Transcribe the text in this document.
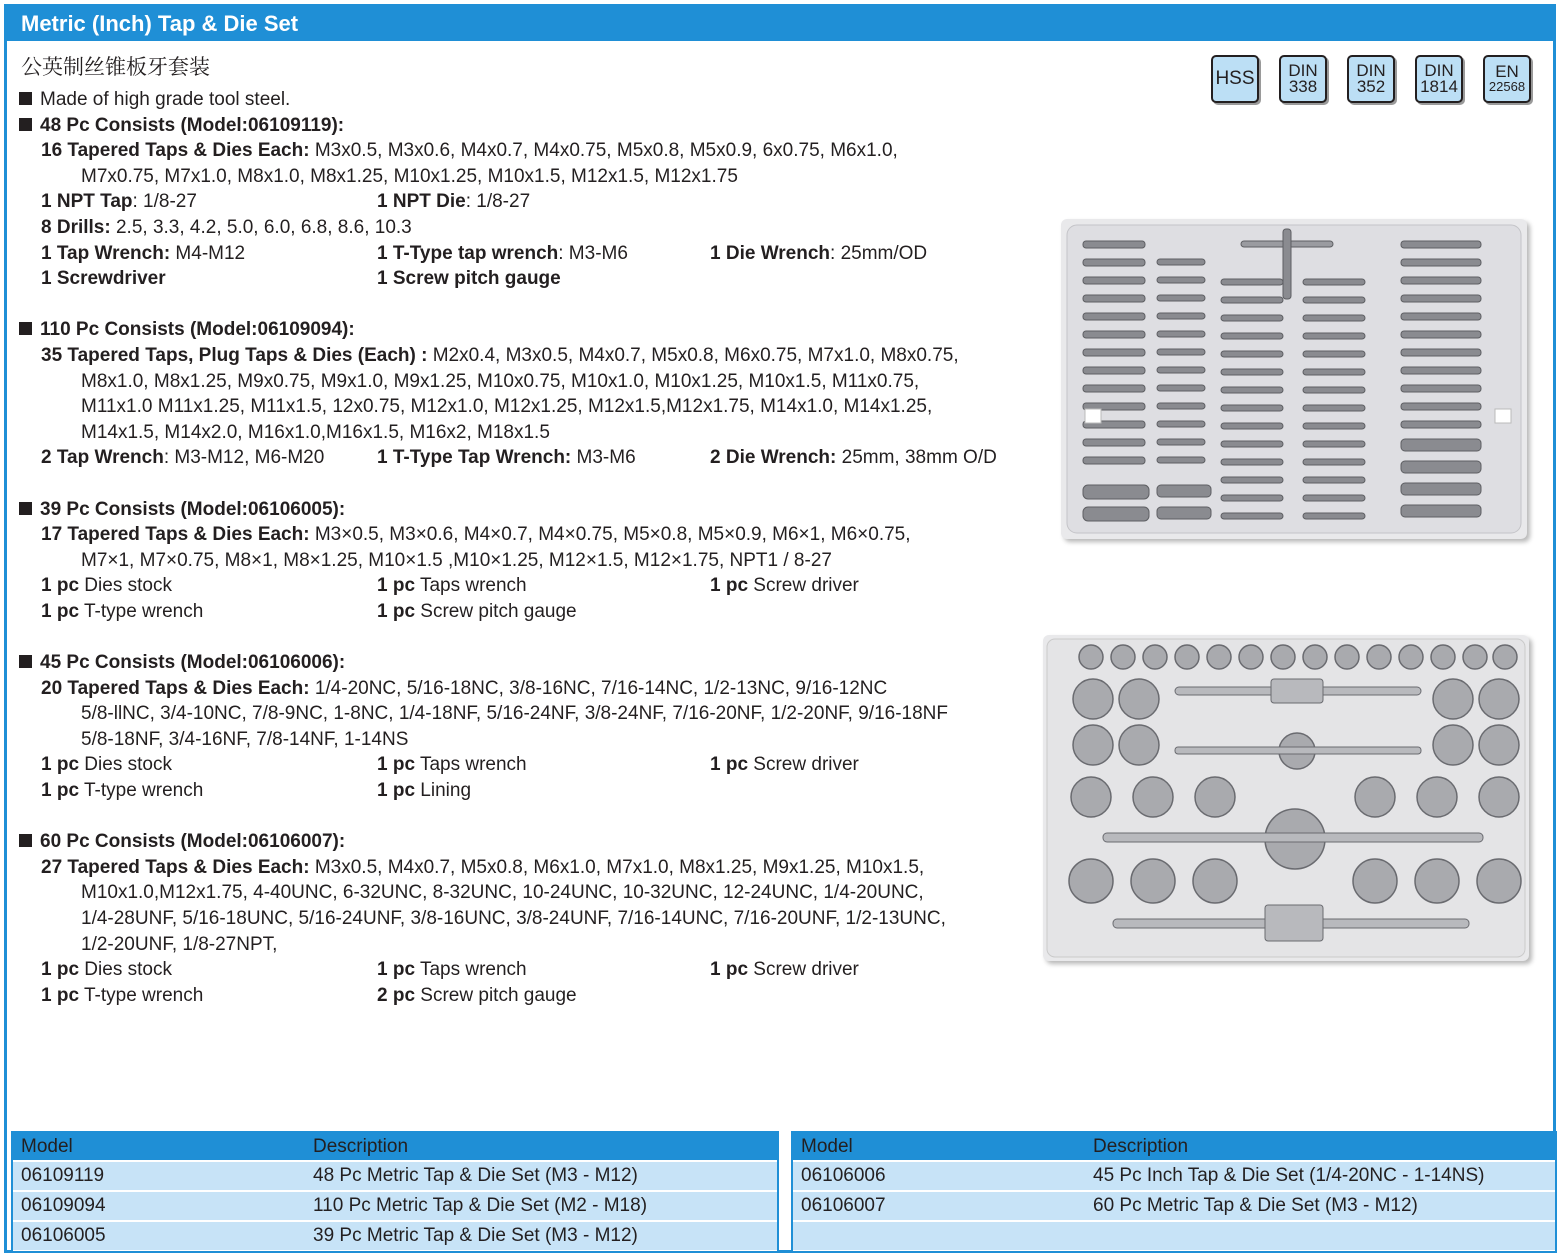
Metric (Inch) Tap & Die Set
公英制丝锥板牙套装	HSS DIN
338
DIN
352
DIN
1814
EN
22568
Made of high grade tool steel.
48 Pc Consists (Model:06109119):
16 Tapered Taps & Dies Each: M3x0.5, M3x0.6, M4x0.7, M4x0.75, M5x0.8, M5x0.9, 6x0.75, M6x1.0,
M7x0.75, M7x1.0, M8x1.0, M8x1.25, M10x1.25, M10x1.5, M12x1.5, M12x1.75
1 NPT Tap: 1/8-27	1 NPT Die: 1/8-27
8 Drills: 2.5, 3.3, 4.2, 5.0, 6.0, 6.8, 8.6, 10.3
1 Tap Wrench: M4-M12	1 T-Type tap wrench: M3-M6	1 Die Wrench: 25mm/OD
1 Screwdriver	1 Screw pitch gauge
110 Pc Consists (Model:06109094):
35 Tapered Taps, Plug Taps & Dies (Each) : M2x0.4, M3x0.5, M4x0.7, M5x0.8, M6x0.75, M7x1.0, M8x0.75,
M8x1.0, M8x1.25, M9x0.75, M9x1.0, M9x1.25, M10x0.75, M10x1.0, M10x1.25, M10x1.5, M11x0.75,
M11x1.0 M11x1.25, M11x1.5, 12x0.75, M12x1.0, M12x1.25, M12x1.5,M12x1.75, M14x1.0, M14x1.25,
M14x1.5, M14x2.0, M16x1.0,M16x1.5, M16x2, M18x1.5
2 Tap Wrench: M3-M12, M6-M20	1 T-Type Tap Wrench: M3-M6	2 Die Wrench: 25mm, 38mm O/D
39 Pc Consists (Model:06106005):
17 Tapered Taps & Dies Each: M3×0.5, M3×0.6, M4×0.7, M4×0.75, M5×0.8, M5×0.9, M6×1, M6×0.75,
M7×1, M7×0.75, M8×1, M8×1.25, M10×1.5 ,M10×1.25, M12×1.5, M12×1.75, NPT1 / 8-27
1 pc Dies stock	1 pc Taps wrench	1 pc Screw driver
1 pc T-type wrench	1 pc Screw pitch gauge
45 Pc Consists (Model:06106006):
20 Tapered Taps & Dies Each: 1/4-20NC, 5/16-18NC, 3/8-16NC, 7/16-14NC, 1/2-13NC, 9/16-12NC
5/8-llNC, 3/4-10NC, 7/8-9NC, 1-8NC, 1/4-18NF, 5/16-24NF, 3/8-24NF, 7/16-20NF, 1/2-20NF, 9/16-18NF
5/8-18NF, 3/4-16NF, 7/8-14NF, 1-14NS
1 pc Dies stock	1 pc Taps wrench	1 pc Screw driver
1 pc T-type wrench	1 pc Lining
60 Pc Consists (Model:06106007):
27 Tapered Taps & Dies Each: M3x0.5, M4x0.7, M5x0.8, M6x1.0, M7x1.0, M8x1.25, M9x1.25, M10x1.5,
M10x1.0,M12x1.75, 4-40UNC, 6-32UNC, 8-32UNC, 10-24UNC, 10-32UNC, 12-24UNC, 1/4-20UNC,
1/4-28UNF, 5/16-18UNC, 5/16-24UNF, 3/8-16UNC, 3/8-24UNF, 7/16-14UNC, 7/16-20UNF, 1/2-13UNC,
1/2-20UNF, 1/8-27NPT,
1 pc Dies stock	1 pc Taps wrench	1 pc Screw driver
1 pc T-type wrench	2 pc Screw pitch gauge
Model	Description
06109119	48 Pc Metric Tap & Die Set (M3 - M12)
06109094	110 Pc Metric Tap & Die Set (M2 - M18)
06106005	39 Pc Metric Tap & Die Set (M3 - M12)
Model	Description
06106006	45 Pc Inch Tap & Die Set (1/4-20NC - 1-14NS)
06106007	60 Pc Metric Tap & Die Set (M3 - M12)
